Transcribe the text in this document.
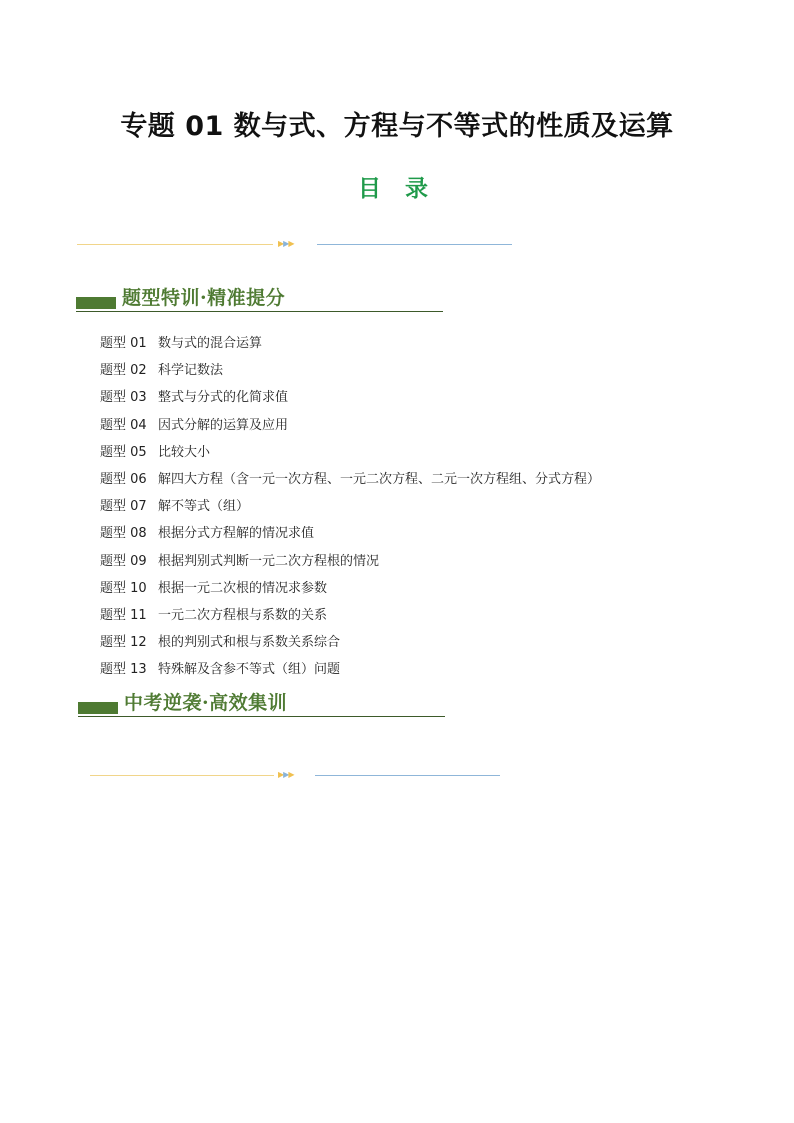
专题 01 数与式、方程与不等式的性质及运算
目 录
▶▶▶
题型特训·精准提分
题型 01 数与式的混合运算
题型 02 科学记数法
题型 03 整式与分式的化简求值
题型 04 因式分解的运算及应用
题型 05 比较大小
题型 06 解四大方程（含一元一次方程、一元二次方程、二元一次方程组、分式方程）
题型 07 解不等式（组）
题型 08 根据分式方程解的情况求值
题型 09 根据判别式判断一元二次方程根的情况
题型 10 根据一元二次根的情况求参数
题型 11 一元二次方程根与系数的关系
题型 12 根的判别式和根与系数关系综合
题型 13 特殊解及含参不等式（组）问题
中考逆袭·高效集训
▶▶▶
